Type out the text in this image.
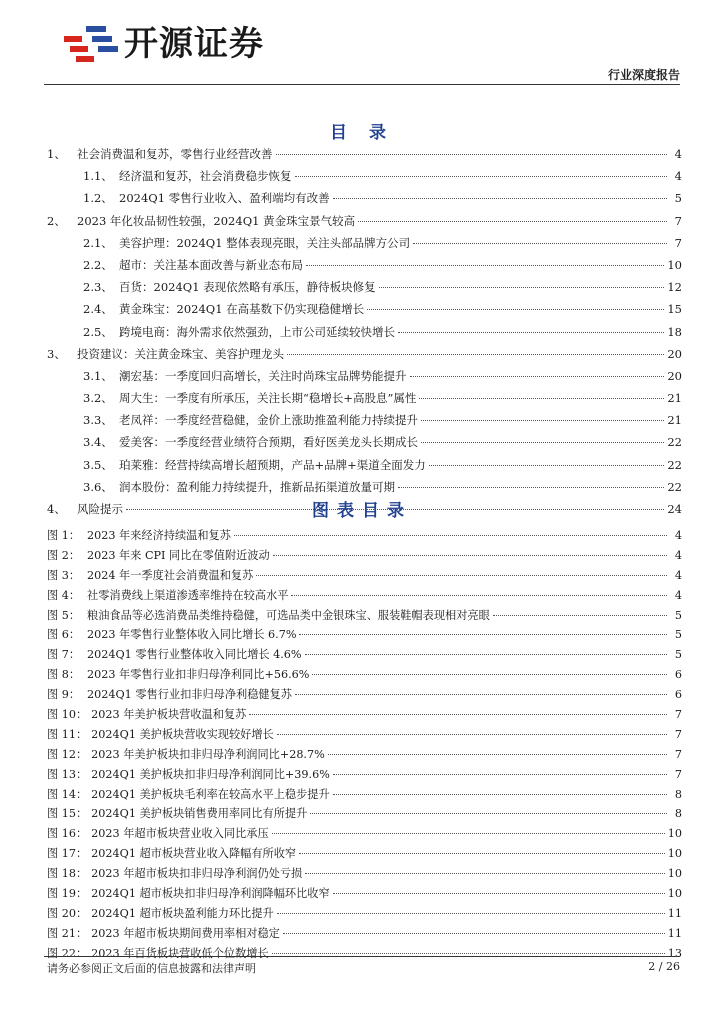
开源证券
行业深度报告
目 录
1、 社会消费温和复苏，零售行业经营改善	4
1.1、 经济温和复苏，社会消费稳步恢复	4
1.2、 2024Q1 零售行业收入、盈利端均有改善	5
2、 2023 年化妆品韧性较强，2024Q1 黄金珠宝景气较高	7
2.1、 美容护理：2024Q1 整体表现亮眼，关注头部品牌方公司	7
2.2、 超市：关注基本面改善与新业态布局	10
2.3、 百货：2024Q1 表现依然略有承压，静待板块修复	12
2.4、 黄金珠宝：2024Q1 在高基数下仍实现稳健增长	15
2.5、 跨境电商：海外需求依然强劲，上市公司延续较快增长	18
3、 投资建议：关注黄金珠宝、美容护理龙头	20
3.1、 潮宏基：一季度回归高增长，关注时尚珠宝品牌势能提升	20
3.2、 周大生：一季度有所承压，关注长期“稳增长+高股息”属性	21
3.3、 老凤祥：一季度经营稳健，金价上涨助推盈利能力持续提升	21
3.4、 爱美客：一季度经营业绩符合预期，看好医美龙头长期成长	22
3.5、 珀莱雅：经营持续高增长超预期，产品+品牌+渠道全面发力	22
3.6、 润本股份：盈利能力持续提升，推新品拓渠道放量可期	22
4、 风险提示	24
图表目录
图 1： 2023 年来经济持续温和复苏	4
图 2： 2023 年来 CPI 同比在零值附近波动	4
图 3： 2024 年一季度社会消费温和复苏	4
图 4： 社零消费线上渠道渗透率维持在较高水平	4
图 5： 粮油食品等必选消费品类维持稳健，可选品类中金银珠宝、服装鞋帽表现相对亮眼	5
图 6： 2023 年零售行业整体收入同比增长 6.7%	5
图 7： 2024Q1 零售行业整体收入同比增长 4.6%	5
图 8： 2023 年零售行业扣非归母净利同比+56.6%	6
图 9： 2024Q1 零售行业扣非归母净利稳健复苏	6
图 10： 2023 年美护板块营收温和复苏	7
图 11： 2024Q1 美护板块营收实现较好增长	7
图 12： 2023 年美护板块扣非归母净利润同比+28.7%	7
图 13： 2024Q1 美护板块扣非归母净利润同比+39.6%	7
图 14： 2024Q1 美护板块毛利率在较高水平上稳步提升	8
图 15： 2024Q1 美护板块销售费用率同比有所提升	8
图 16： 2023 年超市板块营业收入同比承压	10
图 17： 2024Q1 超市板块营业收入降幅有所收窄	10
图 18： 2023 年超市板块扣非归母净利润仍处亏损	10
图 19： 2024Q1 超市板块扣非归母净利润降幅环比收窄	10
图 20： 2024Q1 超市板块盈利能力环比提升	11
图 21： 2023 年超市板块期间费用率相对稳定	11
图 22： 2023 年百货板块营收低个位数增长	13
请务必参阅正文后面的信息披露和法律声明	2 / 26
